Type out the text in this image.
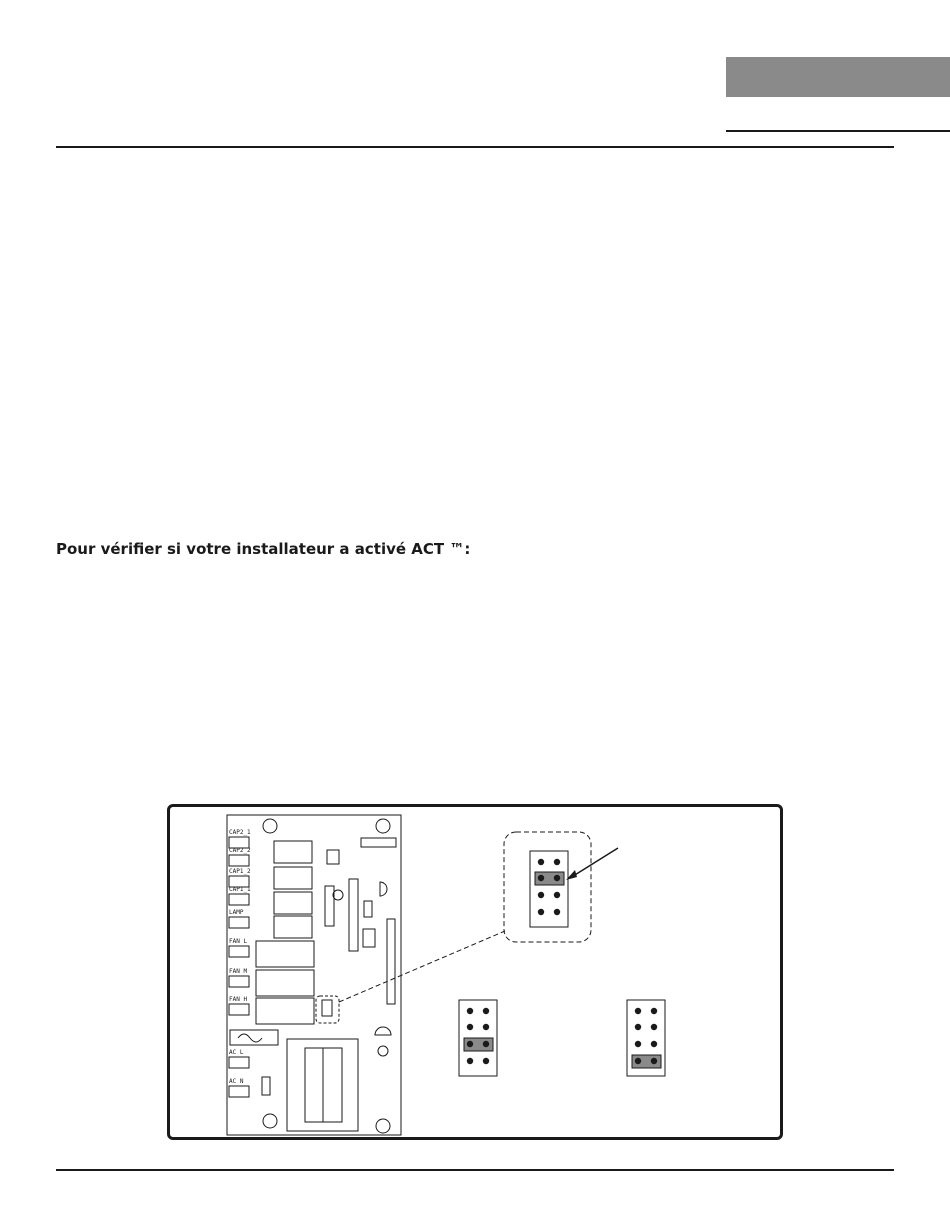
Pour vérifier si votre installateur a activé ACT ™:
CAP2_1
CAP2_2
CAP1_2
CAP1_1
LAMP
FAN L
FAN M
FAN H
AC L
AC N
